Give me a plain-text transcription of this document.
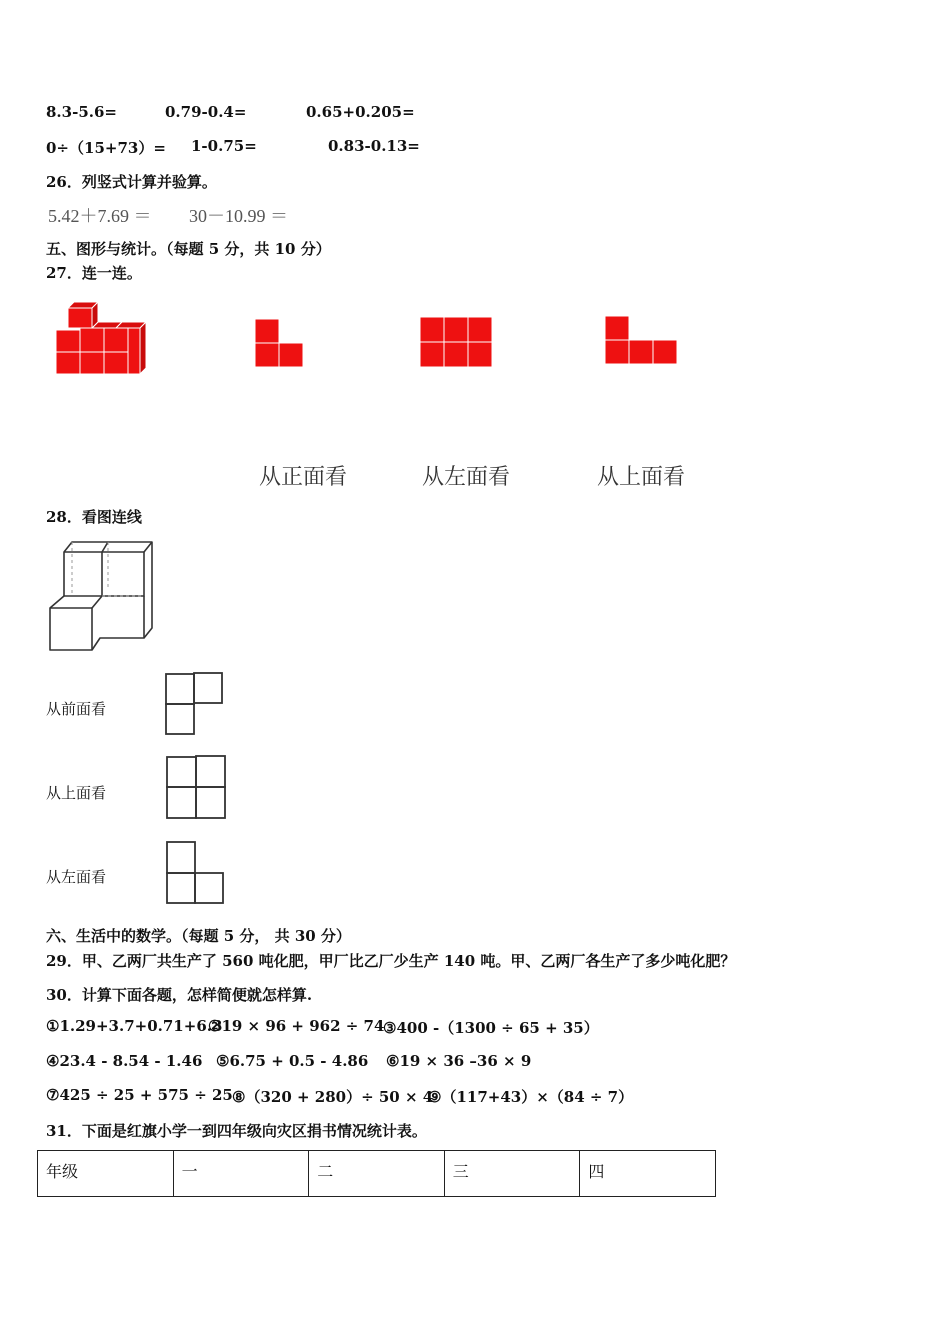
8.3-5.6=	0.79-0.4=	0.65+0.205=
0÷（15+73）= 1-0.75=	0.83-0.13=
26．列竖式计算并验算。
5.42＋7.69 ＝ 30－10.99 ＝
五、图形与统计。（每题 5 分，共 10 分）
27．连一连。
从正面看	从左面看	从上面看
28．看图连线
从前面看
从上面看
从左面看
六、生活中的数学。（每题 5 分， 共 30 分）
29．甲、乙两厂共生产了 560 吨化肥，甲厂比乙厂少生产 140 吨。甲、乙两厂各生产了多少吨化肥？
30．计算下面各题，怎样简便就怎样算.
①1.29+3.7+0.71+6.3
②19 × 96 + 962 ÷ 74
③400 -（1300 ÷ 65 + 35）
④23.4 - 8.54 - 1.46 ⑤6.75 + 0.5 - 4.86 ⑥19 × 36 –36 × 9
⑦425 ÷ 25 + 575 ÷ 25 ⑧（320 + 280）÷ 50 × 4
⑨（117+43）×（84 ÷ 7）
31．下面是红旗小学一到四年级向灾区捐书情况统计表。
年级	一	二	三	四
